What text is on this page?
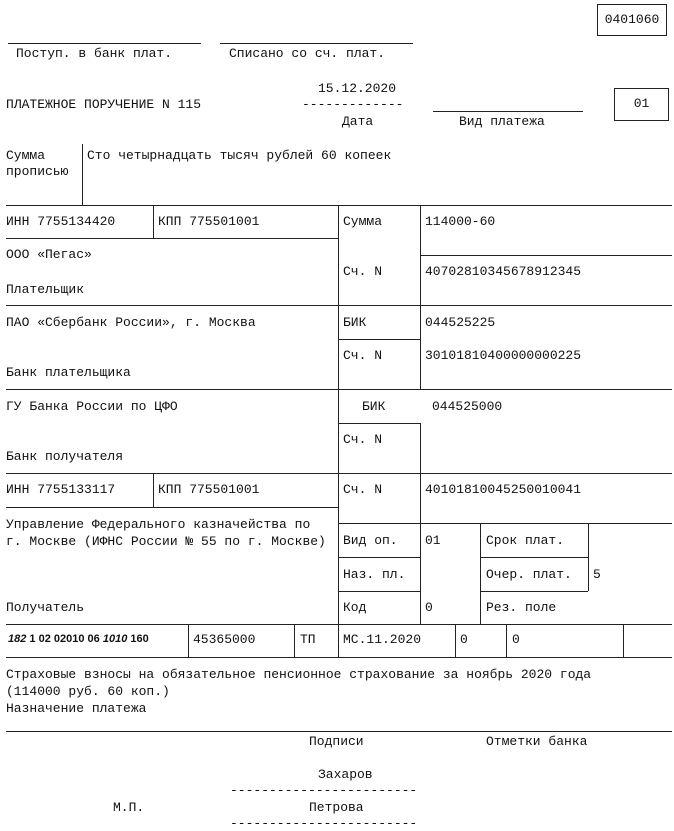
0401060
Поступ. в банк плат.	Списано со сч. плат.
ПЛАТЕЖНОЕ ПОРУЧЕНИЕ N 115
15.12.2020
-------------
Дата	Вид платежа
01
Сумма
прописью
Сто четырнадцать тысяч рублей 60 копеек
ИНН 7755134420	КПП 775501001
ООО «Пегас»
Плательщик
Сумма	114000-60
Сч. N	40702810345678912345
ПАО «Сбербанк России», г. Москва
Банк плательщика
БИК	044525225
Сч. N	30101810400000000225
ГУ Банка России по ЦФО
Банк получателя
БИК	044525000
Сч. N
ИНН 7755133117	КПП 775501001	Сч. N	40101810045250010041
Управление Федерального казначейства по г. Москве (ИФНС России № 55 по г. Москве)
Получатель
Вид оп. 01	Срок плат.
Наз. пл.	Очер. плат. 5
Код	0	Рез. поле
182 1 02 02010 06 1010 160	45365000	ТП МС.11.2020	0	0
Страховые взносы на обязательное пенсионное страхование за ноябрь 2020 года
(114000 руб. 60 коп.)
Назначение платежа
Подписи	Отметки банка
Захаров
------------------------
М.П.	Петрова
------------------------
